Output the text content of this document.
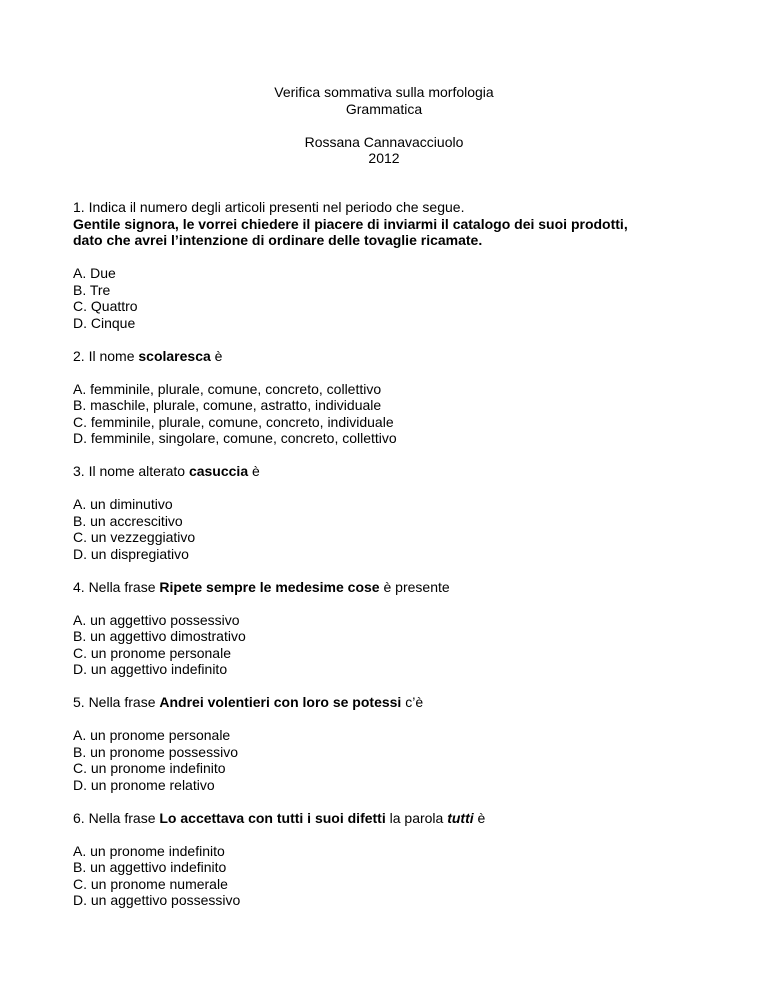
Verifica sommativa sulla morfologia
Grammatica
Rossana Cannavacciuolo
2012
1. Indica il numero degli articoli presenti nel periodo che segue.
Gentile signora, le vorrei chiedere il piacere di inviarmi il catalogo dei suoi prodotti,
dato che avrei l’intenzione di ordinare delle tovaglie ricamate.
A. Due
B. Tre
C. Quattro
D. Cinque
2. Il nome scolaresca è
A. femminile, plurale, comune, concreto, collettivo
B. maschile, plurale, comune, astratto, individuale
C. femminile, plurale, comune, concreto, individuale
D. femminile, singolare, comune, concreto, collettivo
3. Il nome alterato casuccia è
A. un diminutivo
B. un accrescitivo
C. un vezzeggiativo
D. un dispregiativo
4. Nella frase Ripete sempre le medesime cose è presente
A. un aggettivo possessivo
B. un aggettivo dimostrativo
C. un pronome personale
D. un aggettivo indefinito
5. Nella frase Andrei volentieri con loro se potessi c’è
A. un pronome personale
B. un pronome possessivo
C. un pronome indefinito
D. un pronome relativo
6. Nella frase Lo accettava con tutti i suoi difetti la parola tutti è
A. un pronome indefinito
B. un aggettivo indefinito
C. un pronome numerale
D. un aggettivo possessivo
